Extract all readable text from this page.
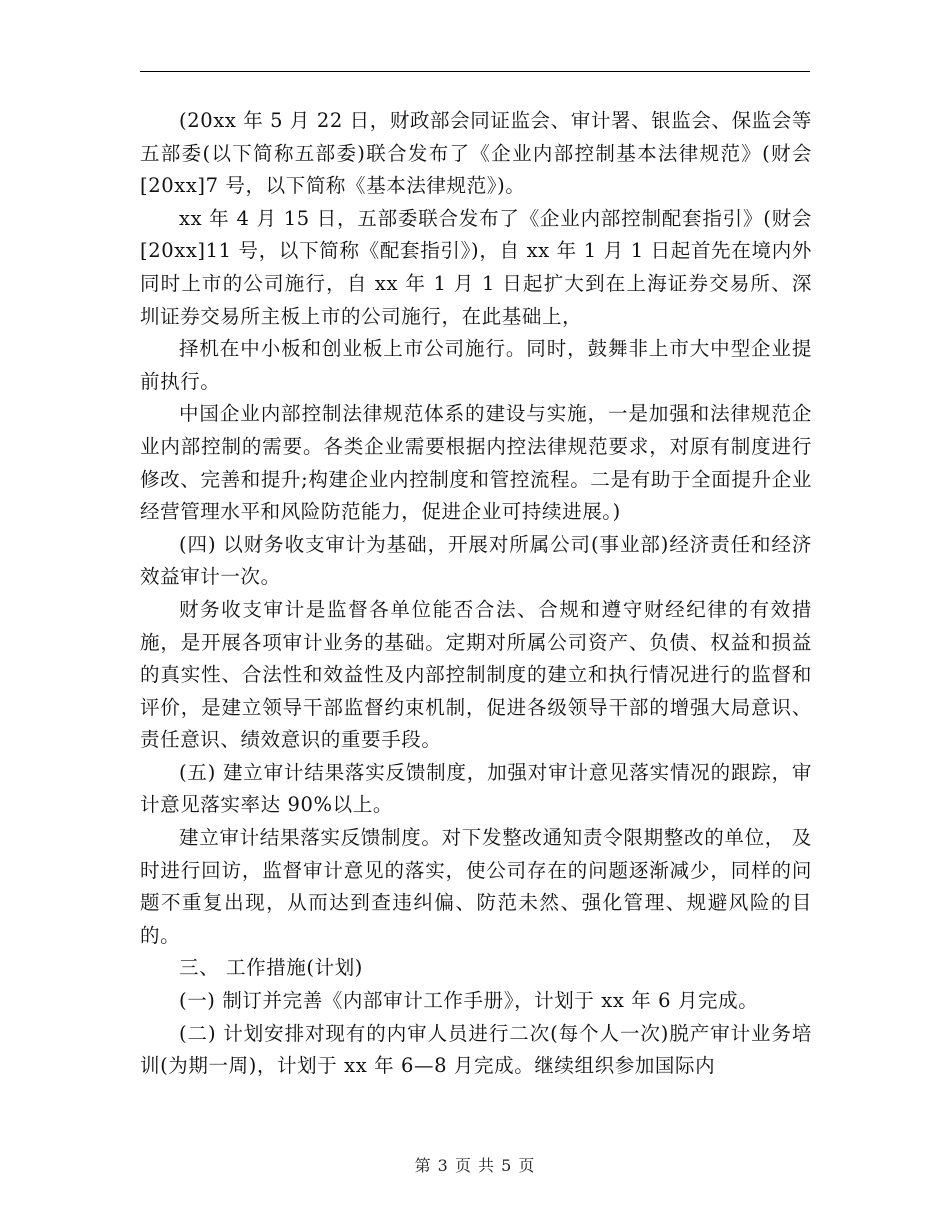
(20xx 年 5 月 22 日，财政部会同证监会、审计署、银监会、保监会等五部委(以下简称五部委)联合发布了《企业内部控制基本法律规范》(财会[20xx]7 号，以下简称《基本法律规范》)。

xx 年 4 月 15 日，五部委联合发布了《企业内部控制配套指引》(财会[20xx]11 号，以下简称《配套指引》)，自 xx 年 1 月 1 日起首先在境内外同时上市的公司施行，自 xx 年 1 月 1 日起扩大到在上海证券交易所、深圳证券交易所主板上市的公司施行，在此基础上，

择机在中小板和创业板上市公司施行。同时，鼓舞非上市大中型企业提前执行。

中国企业内部控制法律规范体系的建设与实施，一是加强和法律规范企业内部控制的需要。各类企业需要根据内控法律规范要求，对原有制度进行修改、完善和提升;构建企业内控制度和管控流程。二是有助于全面提升企业经营管理水平和风险防范能力，促进企业可持续进展。)

(四) 以财务收支审计为基础，开展对所属公司(事业部)经济责任和经济效益审计一次。

财务收支审计是监督各单位能否合法、合规和遵守财经纪律的有效措施，是开展各项审计业务的基础。定期对所属公司资产、负债、权益和损益的真实性、合法性和效益性及内部控制制度的建立和执行情况进行的监督和评价，是建立领导干部监督约束机制，促进各级领导干部的增强大局意识、责任意识、绩效意识的重要手段。

(五) 建立审计结果落实反馈制度，加强对审计意见落实情况的跟踪，审计意见落实率达 90%以上。

建立审计结果落实反馈制度。对下发整改通知责令限期整改的单位， 及时进行回访，监督审计意见的落实，使公司存在的问题逐渐减少，同样的问题不重复出现，从而达到查违纠偏、防范未然、强化管理、规避风险的目的。

三、 工作措施(计划)

(一) 制订并完善《内部审计工作手册》，计划于 xx 年 6 月完成。

(二) 计划安排对现有的内审人员进行二次(每个人一次)脱产审计业务培训(为期一周)，计划于 xx 年 6—8 月完成。继续组织参加国际内

第 3 页 共 5 页
